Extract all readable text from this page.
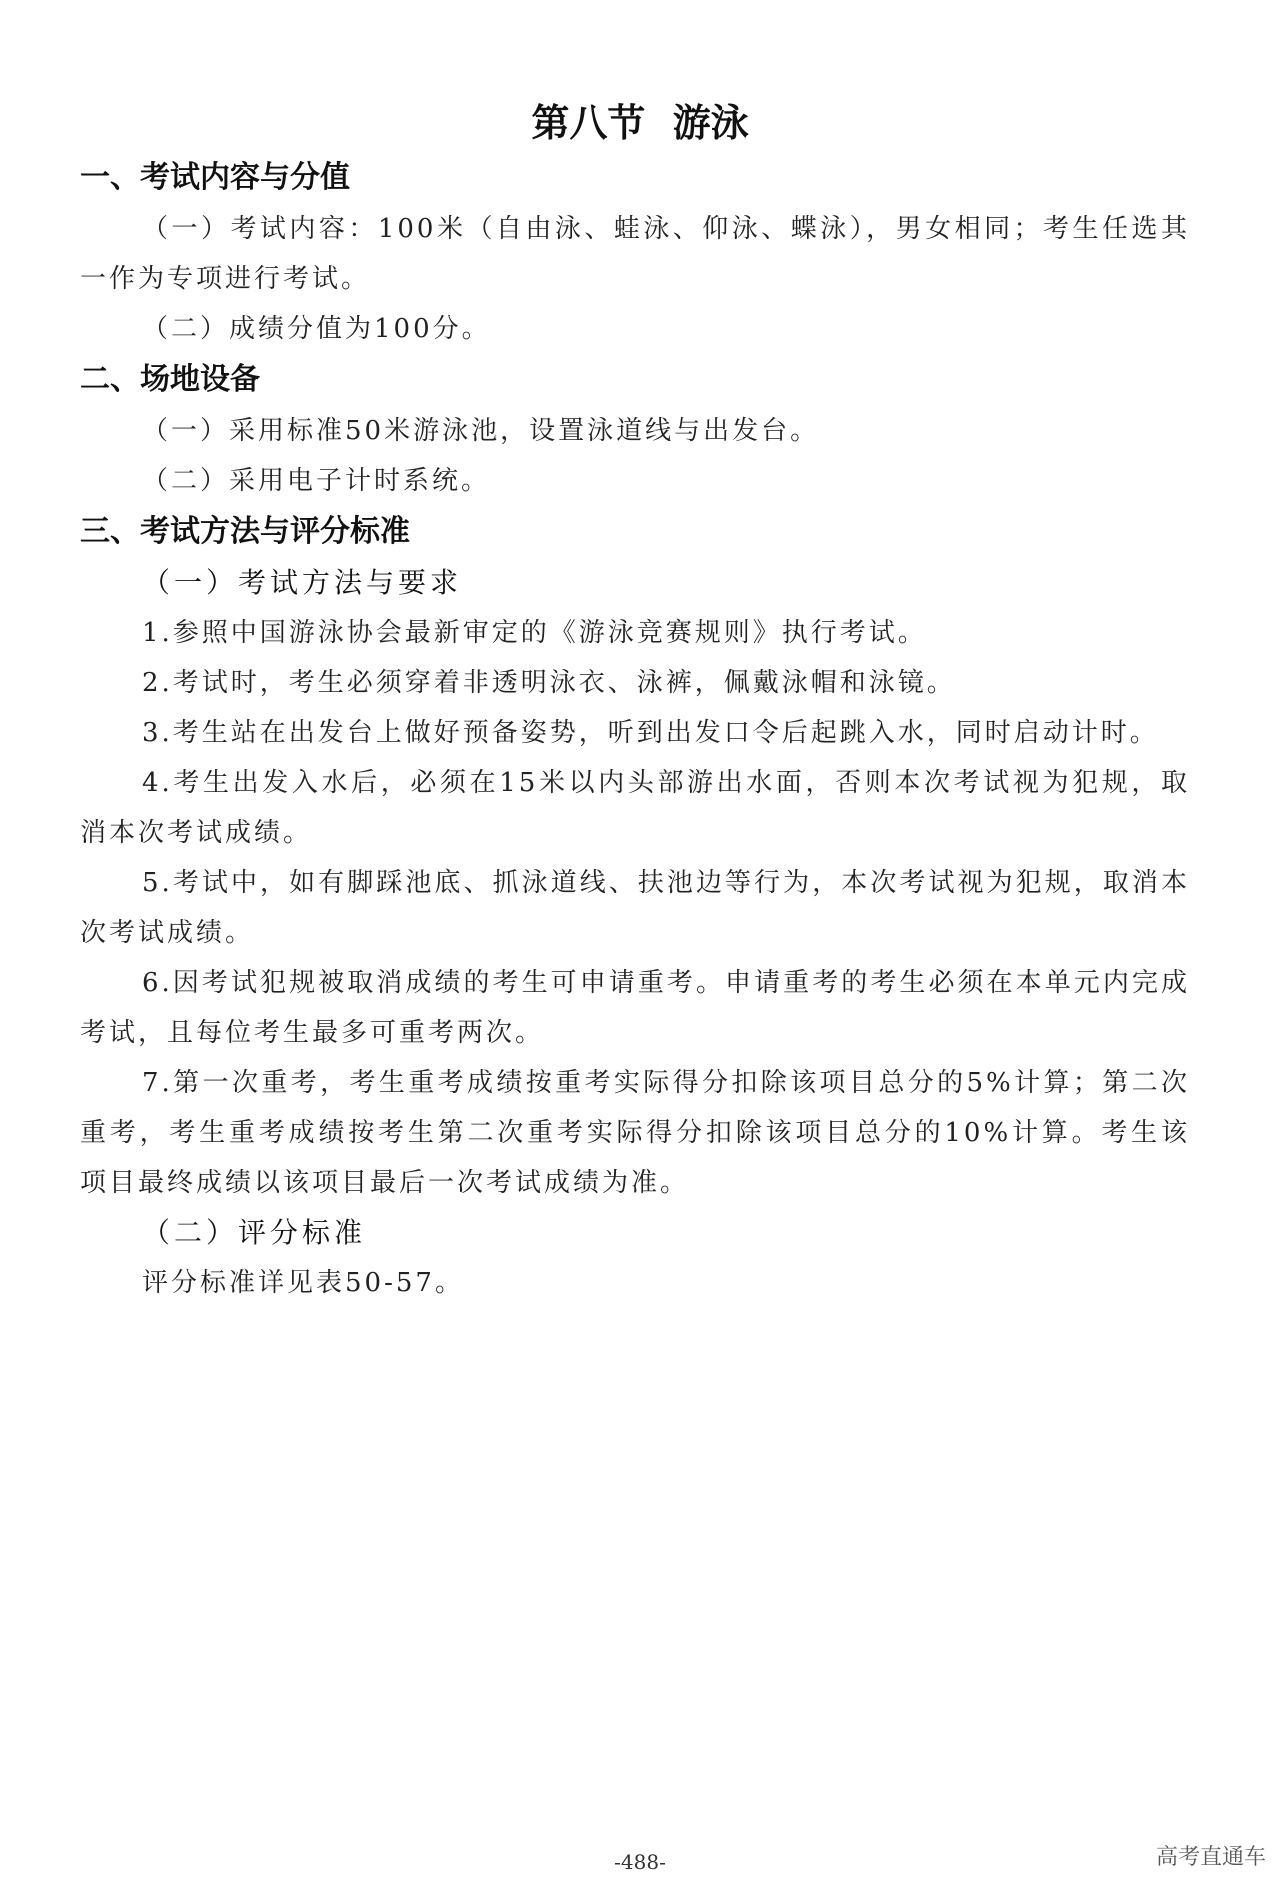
第八节 游泳
一、考试内容与分值

（一）考试内容：100米（自由泳、蛙泳、仰泳、蝶泳），男女相同；考生任选其一作为专项进行考试。

（二）成绩分值为100分。

二、场地设备

（一）采用标准50米游泳池，设置泳道线与出发台。

（二）采用电子计时系统。

三、考试方法与评分标准
（一）考试方法与要求

1.参照中国游泳协会最新审定的《游泳竞赛规则》执行考试。

2.考试时，考生必须穿着非透明泳衣、泳裤，佩戴泳帽和泳镜。

3.考生站在出发台上做好预备姿势，听到出发口令后起跳入水，同时启动计时。

4.考生出发入水后，必须在15米以内头部游出水面，否则本次考试视为犯规，取消本次考试成绩。

5.考试中，如有脚踩池底、抓泳道线、扶池边等行为，本次考试视为犯规，取消本次考试成绩。

6.因考试犯规被取消成绩的考生可申请重考。申请重考的考生必须在本单元内完成考试，且每位考生最多可重考两次。

7.第一次重考，考生重考成绩按重考实际得分扣除该项目总分的5%计算；第二次重考，考生重考成绩按考生第二次重考实际得分扣除该项目总分的10%计算。考生该项目最终成绩以该项目最后一次考试成绩为准。

（二）评分标准

评分标准详见表50-57。

-488-	高考直通车
